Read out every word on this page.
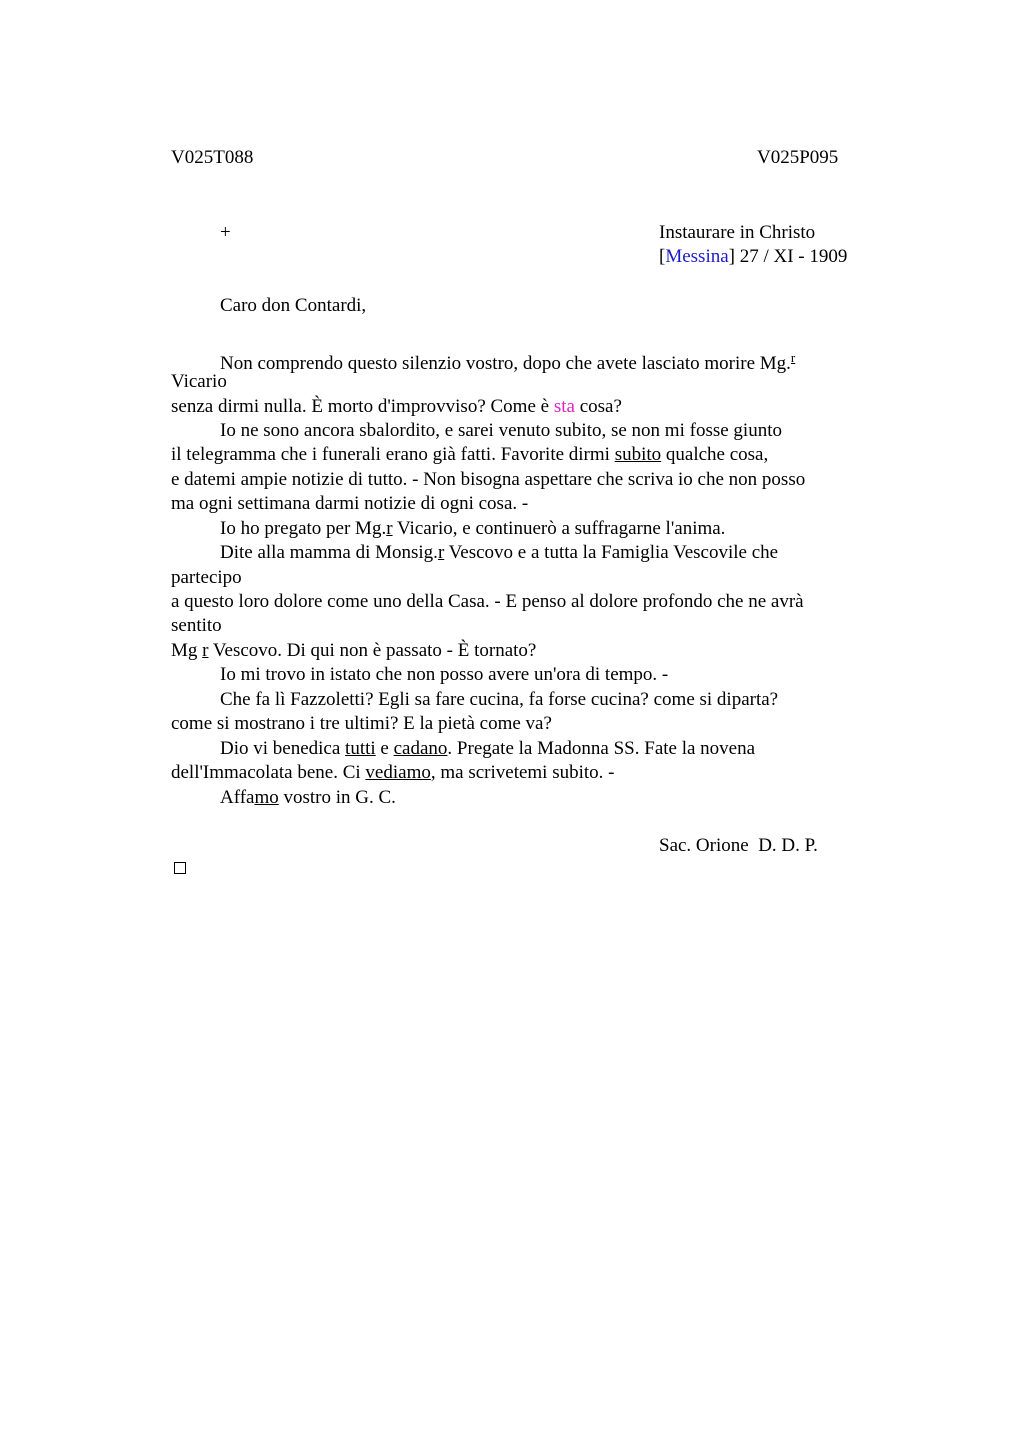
V025T088	V025P095
+	Instaurare in Christo
[Messina] 27 / XI - 1909
Caro don Contardi,
Non comprendo questo silenzio vostro, dopo che avete lasciato morire Mg.$^r$
Vicario
senza dirmi nulla. È morto d'improvviso? Come è sta cosa?
Io ne sono ancora sbalordito, e sarei venuto subito, se non mi fosse giunto
il telegramma che i funerali erano già fatti. Favorite dirmi subito qualche cosa,
e datemi ampie notizie di tutto. - Non bisogna aspettare che scriva io che non posso
ma ogni settimana darmi notizie di ogni cosa. -
Io ho pregato per Mg.r Vicario, e continuerò a suffragarne l'anima.
Dite alla mamma di Monsig.r Vescovo e a tutta la Famiglia Vescovile che
partecipo
a questo loro dolore come uno della Casa. - E penso al dolore profondo che ne avrà
sentito
Mg r Vescovo. Di qui non è passato - È tornato?
Io mi trovo in istato che non posso avere un'ora di tempo. -
Che fa lì Fazzoletti? Egli sa fare cucina, fa forse cucina? come si diparta?
come si mostrano i tre ultimi? E la pietà come va?
Dio vi benedica tutti e cadano. Pregate la Madonna SS. Fate la novena
dell'Immacolata bene. Ci vediamo, ma scrivetemi subito. -
Affamo vostro in G. C.
Sac. Orione  D. D. P.
